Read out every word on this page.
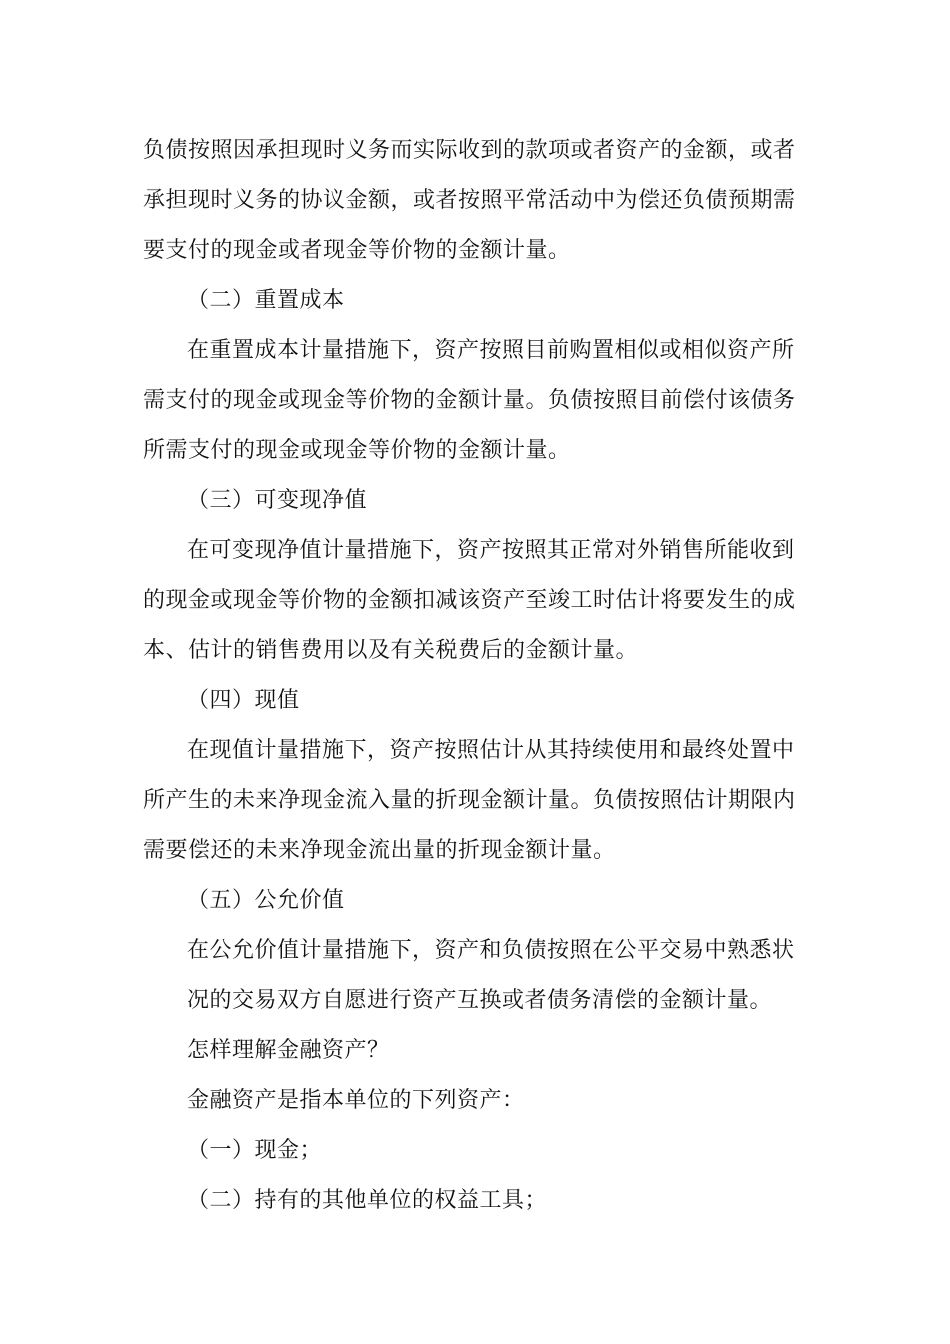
负债按照因承担现时义务而实际收到的款项或者资产的金额，或者
承担现时义务的协议金额，或者按照平常活动中为偿还负债预期需
要支付的现金或者现金等价物的金额计量。
（二）重置成本
在重置成本计量措施下，资产按照目前购置相似或相似资产所
需支付的现金或现金等价物的金额计量。负债按照目前偿付该债务
所需支付的现金或现金等价物的金额计量。
（三）可变现净值
在可变现净值计量措施下，资产按照其正常对外销售所能收到
的现金或现金等价物的金额扣减该资产至竣工时估计将要发生的成
本、估计的销售费用以及有关税费后的金额计量。
（四）现值
在现值计量措施下，资产按照估计从其持续使用和最终处置中
所产生的未来净现金流入量的折现金额计量。负债按照估计期限内
需要偿还的未来净现金流出量的折现金额计量。
（五）公允价值
在公允价值计量措施下，资产和负债按照在公平交易中熟悉状
况的交易双方自愿进行资产互换或者债务清偿的金额计量。
怎样理解金融资产？
金融资产是指本单位的下列资产：
（一）现金；
（二）持有的其他单位的权益工具；
